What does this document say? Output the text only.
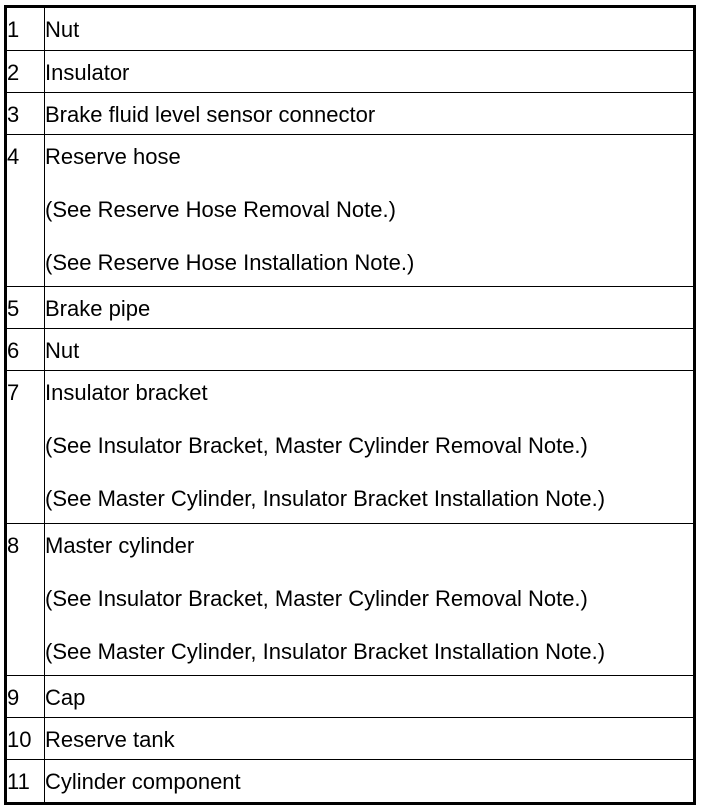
1	Nut

2	Insulator

3	Brake fluid level sensor connector

4	Reserve hose
(See Reserve Hose Removal Note.)
(See Reserve Hose Installation Note.)

5	Brake pipe

6	Nut

7	Insulator bracket
(See Insulator Bracket, Master Cylinder Removal Note.)
(See Master Cylinder, Insulator Bracket Installation Note.)

8	Master cylinder
(See Insulator Bracket, Master Cylinder Removal Note.)
(See Master Cylinder, Insulator Bracket Installation Note.)

9	Cap

10	Reserve tank

11	Cylinder component
